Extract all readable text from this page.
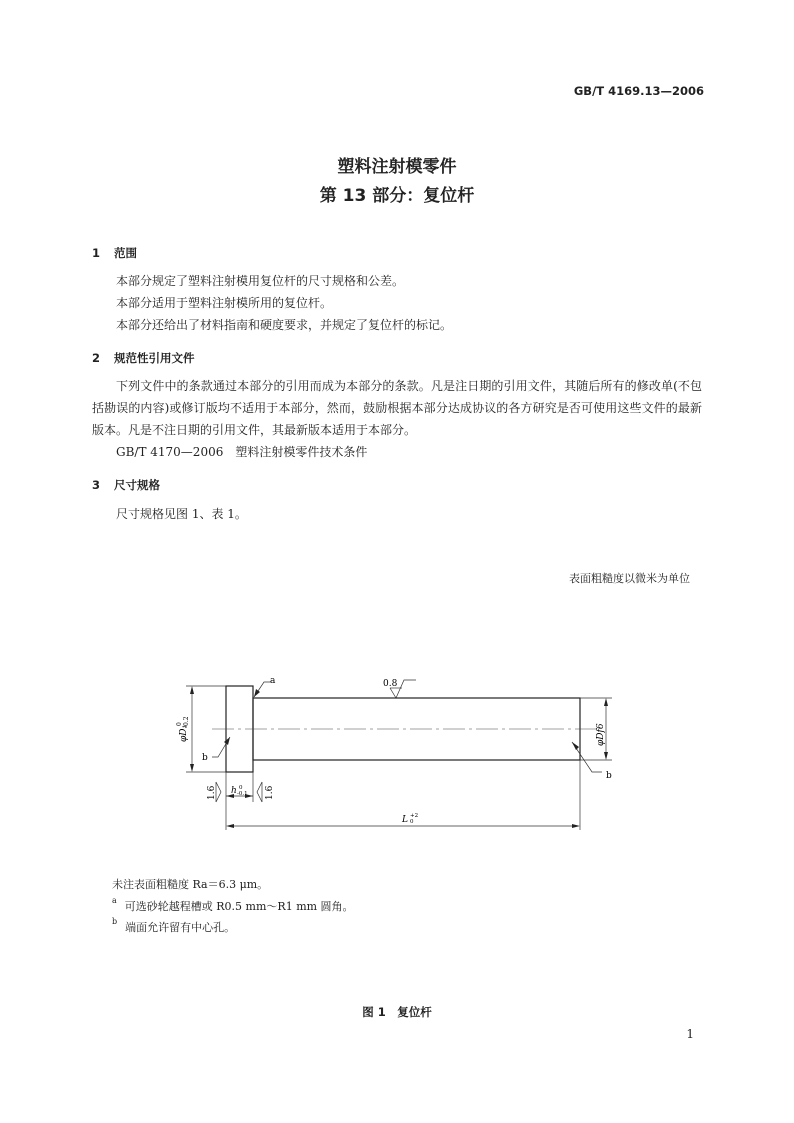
GB/T 4169.13—2006
塑料注射模零件
第 13 部分：复位杆
1 范围
本部分规定了塑料注射模用复位杆的尺寸规格和公差。
本部分适用于塑料注射模所用的复位杆。
本部分还给出了材料指南和硬度要求，并规定了复位杆的标记。
2 规范性引用文件
下列文件中的条款通过本部分的引用而成为本部分的条款。凡是注日期的引用文件，其随后所有的修改单(不包括勘误的内容)或修订版均不适用于本部分，然而，鼓励根据本部分达成协议的各方研究是否可使用这些文件的最新版本。凡是不注日期的引用文件，其最新版本适用于本部分。
GB/T 4170—2006　塑料注射模零件技术条件
3 尺寸规格
尺寸规格见图 1、表 1。
表面粗糙度以微米为单位
a
b
b
0.8
1.6	1.6
φD₁
0 -0.2
φDf6
h 0
-0.1
L +2
0
未注表面粗糙度 Ra＝6.3 μm。
$^a$ 可选砂轮越程槽或 R0.5 mm～R1 mm 圆角。
$^b$ 端面允许留有中心孔。
图 1　复位杆
1
